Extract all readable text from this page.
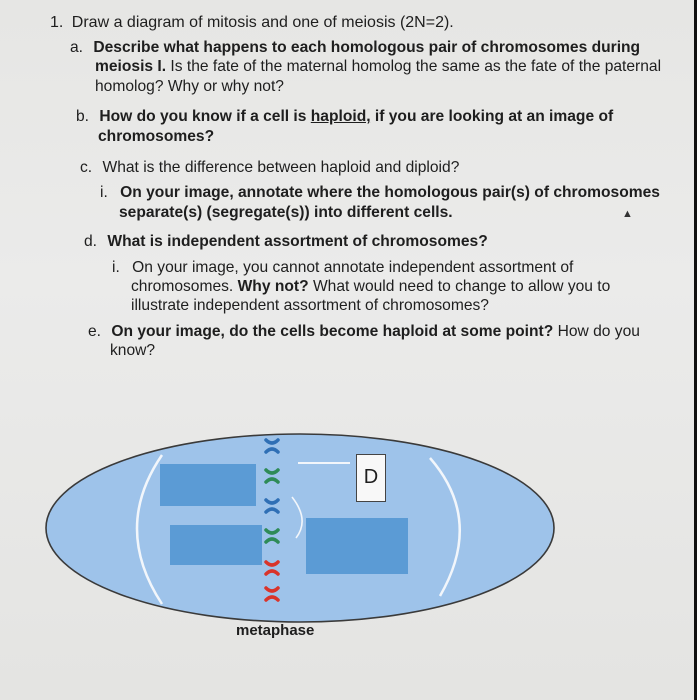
1. Draw a diagram of mitosis and one of meiosis (2N=2).
a. Describe what happens to each homologous pair of chromosomes during
meiosis I. Is the fate of the maternal homolog the same as the fate of the paternal
homolog? Why or why not?
b. How do you know if a cell is haploid, if you are looking at an image of
chromosomes?
c. What is the difference between haploid and diploid?
i. On your image, annotate where the homologous pair(s) of chromosomes
separate(s) (segregate(s)) into different cells.	▲
d. What is independent assortment of chromosomes?
i. On your image, you cannot annotate independent assortment of
chromosomes. Why not? What would need to change to allow you to
illustrate independent assortment of chromosomes?
e. On your image, do the cells become haploid at some point? How do you
know?
D
metaphase
